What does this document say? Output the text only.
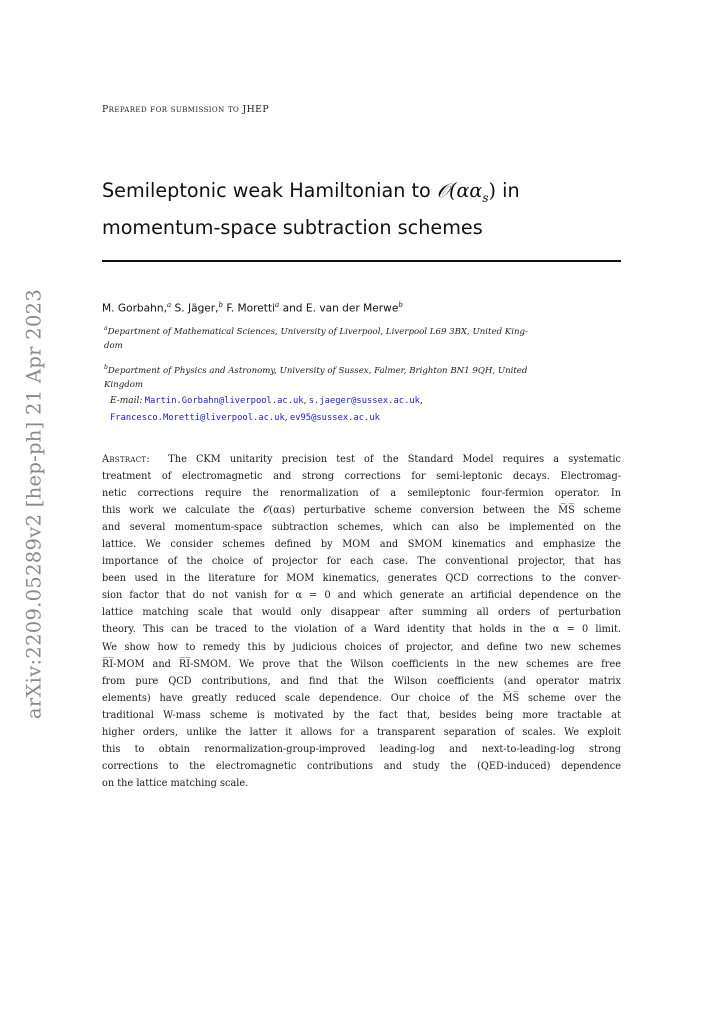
Prepared for submission to JHEP
Semileptonic weak Hamiltonian to $𝒪(\alpha\alpha_s)$ in
momentum-space subtraction schemes
M. Gorbahn,$^a$ S. Jäger,$^b$ F. Moretti$^a$ and E. van der Merwe$^b$
$^a$Department of Mathematical Sciences, University of Liverpool, Liverpool L69 3BX, United King-
dom
$^b$Department of Physics and Astronomy, University of Sussex, Falmer, Brighton BN1 9QH, United
Kingdom
E-mail: Martin.Gorbahn@liverpool.ac.uk, s.jaeger@sussex.ac.uk,
Francesco.Moretti@liverpool.ac.uk, ev95@sussex.ac.uk
Abstract: The CKM unitarity precision test of the Standard Model requires a systematic
treatment of electromagnetic and strong corrections for semi-leptonic decays. Electromag-
netic corrections require the renormalization of a semileptonic four-fermion operator. In
this work we calculate the 𝒪(ααs) perturbative scheme conversion between the M̅S̅ scheme
and several momentum-space subtraction schemes, which can also be implemented on the
lattice. We consider schemes defined by MOM and SMOM kinematics and emphasize the
importance of the choice of projector for each case. The conventional projector, that has
been used in the literature for MOM kinematics, generates QCD corrections to the conver-
sion factor that do not vanish for α = 0 and which generate an artificial dependence on the
lattice matching scale that would only disappear after summing all orders of perturbation
theory. This can be traced to the violation of a Ward identity that holds in the α = 0 limit.
We show how to remedy this by judicious choices of projector, and define two new schemes
R̅I̅-MOM and R̅I̅-SMOM. We prove that the Wilson coefficients in the new schemes are free
from pure QCD contributions, and find that the Wilson coefficients (and operator matrix
elements) have greatly reduced scale dependence. Our choice of the M̅S̅ scheme over the
traditional W-mass scheme is motivated by the fact that, besides being more tractable at
higher orders, unlike the latter it allows for a transparent separation of scales. We exploit
this to obtain renormalization-group-improved leading-log and next-to-leading-log strong
corrections to the electromagnetic contributions and study the (QED-induced) dependence
on the lattice matching scale.
arXiv:2209.05289v2 [hep-ph] 21 Apr 2023
